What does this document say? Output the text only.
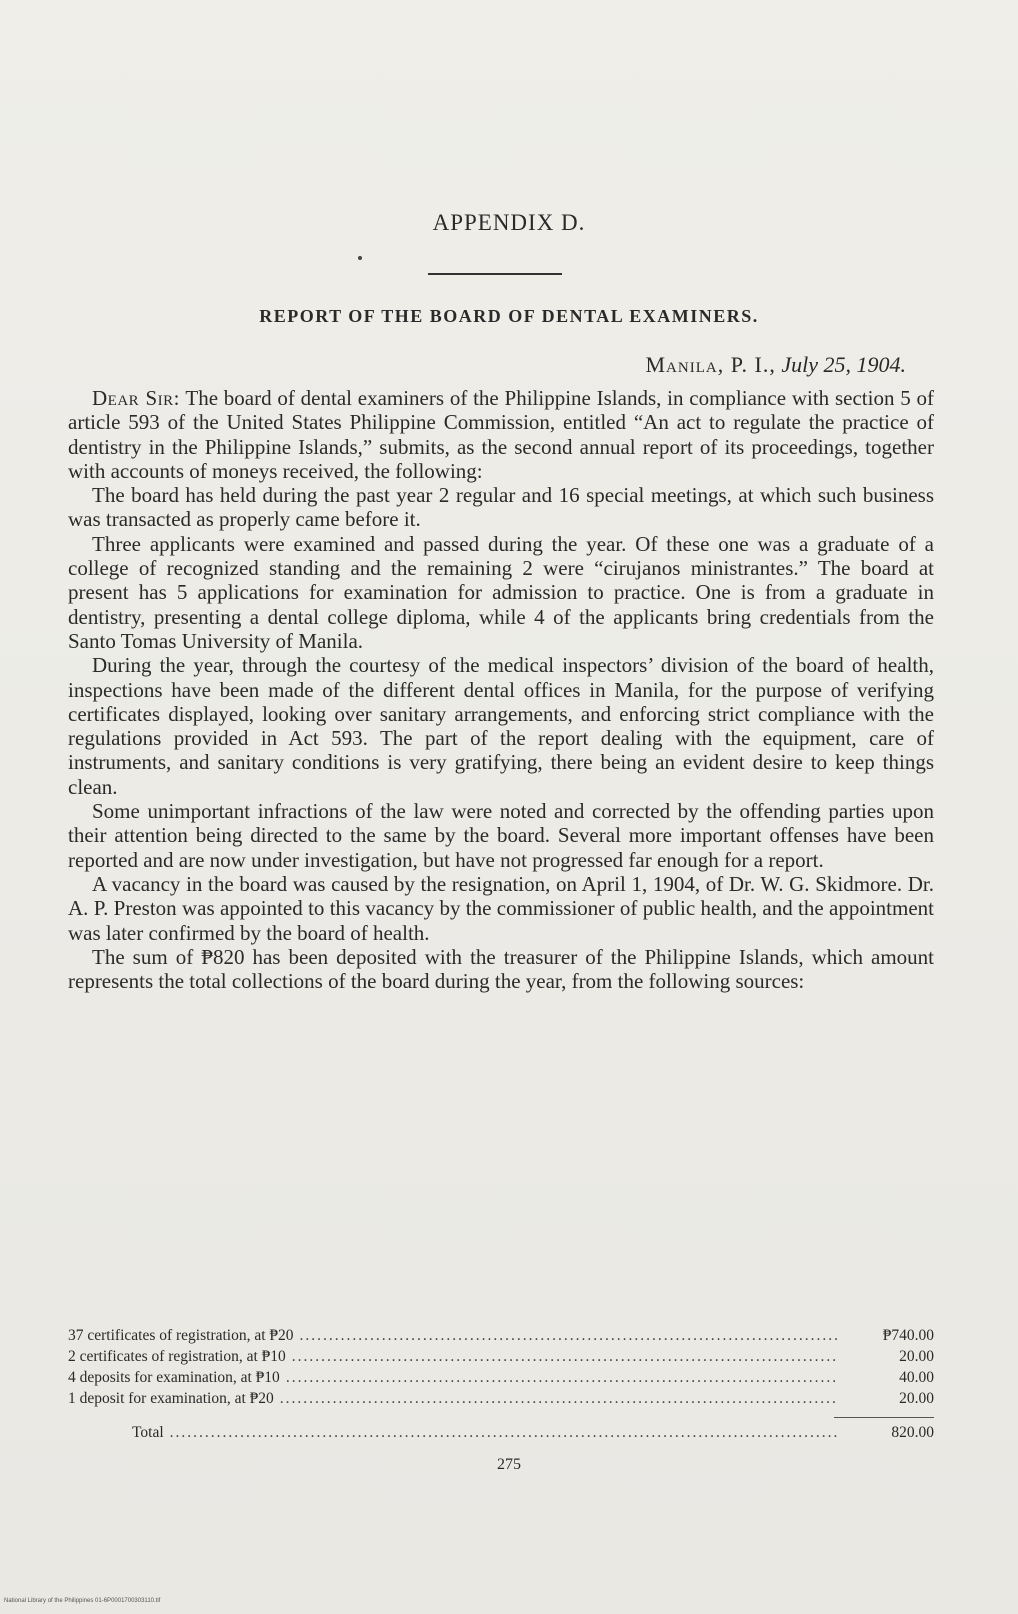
APPENDIX D.
REPORT OF THE BOARD OF DENTAL EXAMINERS.
Manila, P. I., July 25, 1904.

Dear Sir: The board of dental examiners of the Philippine Islands, in compliance with section 5 of article 593 of the United States Philippine Commission, entitled “An act to regulate the practice of dentistry in the Philippine Islands,” submits, as the second annual report of its proceedings, together with accounts of moneys received, the following:

The board has held during the past year 2 regular and 16 special meetings, at which such business was transacted as properly came before it.

Three applicants were examined and passed during the year. Of these one was a graduate of a college of recognized standing and the remaining 2 were “cirujanos ministrantes.” The board at present has 5 applications for examination for admission to practice. One is from a graduate in dentistry, presenting a dental college diploma, while 4 of the applicants bring credentials from the Santo Tomas University of Manila.

During the year, through the courtesy of the medical inspectors’ division of the board of health, inspections have been made of the different dental offices in Manila, for the purpose of verifying certificates displayed, looking over sanitary arrangements, and enforcing strict compliance with the regulations provided in Act 593. The part of the report dealing with the equipment, care of instruments, and sanitary conditions is very gratifying, there being an evident desire to keep things clean.

Some unimportant infractions of the law were noted and corrected by the offending parties upon their attention being directed to the same by the board. Several more important offenses have been reported and are now under investigation, but have not progressed far enough for a report.

A vacancy in the board was caused by the resignation, on April 1, 1904, of Dr. W. G. Skidmore. Dr. A. P. Preston was appointed to this vacancy by the commissioner of public health, and the appointment was later confirmed by the board of health.

The sum of ₱820 has been deposited with the treasurer of the Philippine Islands, which amount represents the total collections of the board during the year, from the following sources:

37 certificates of registration, at ₱20 .....	₱740.00
2 certificates of registration, at ₱10 .....	20.00
4 deposits for examination, at ₱10 .....	40.00
1 deposit for examination, at ₱20 .....	20.00
Total .....	820.00
275
National Library of the Philippines 01-6P0001700303110.tif
